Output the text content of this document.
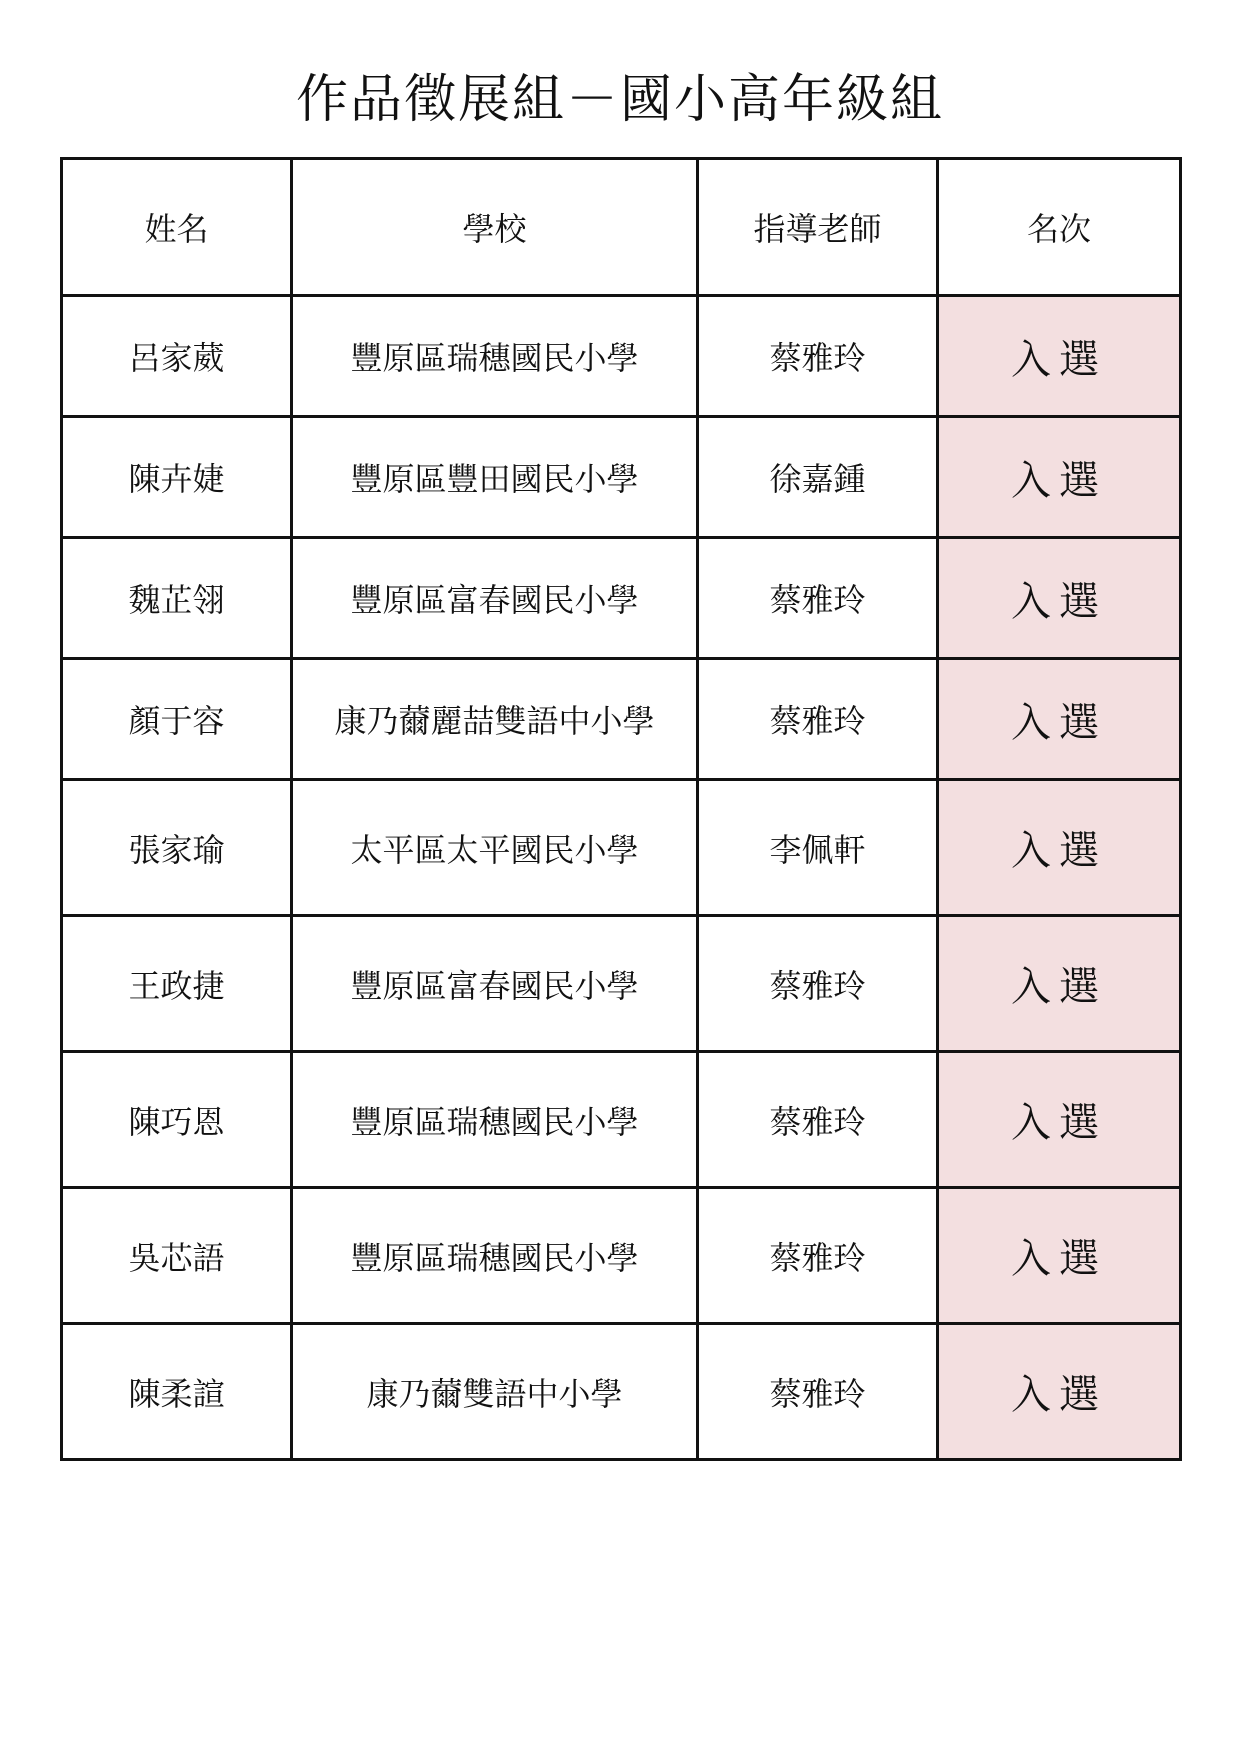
作品徵展組－國小高年級組
姓名	學校	指導老師	名次
呂家葳	豐原區瑞穗國民小學	蔡雅玲	入選
陳卉婕	豐原區豐田國民小學	徐嘉鍾	入選
魏芷翎	豐原區富春國民小學	蔡雅玲	入選
顏于容	康乃薾麗喆雙語中小學	蔡雅玲	入選
張家瑜	太平區太平國民小學	李佩軒	入選
王政捷	豐原區富春國民小學	蔡雅玲	入選
陳巧恩	豐原區瑞穗國民小學	蔡雅玲	入選
吳芯語	豐原區瑞穗國民小學	蔡雅玲	入選
陳柔諠	康乃薾雙語中小學	蔡雅玲	入選
